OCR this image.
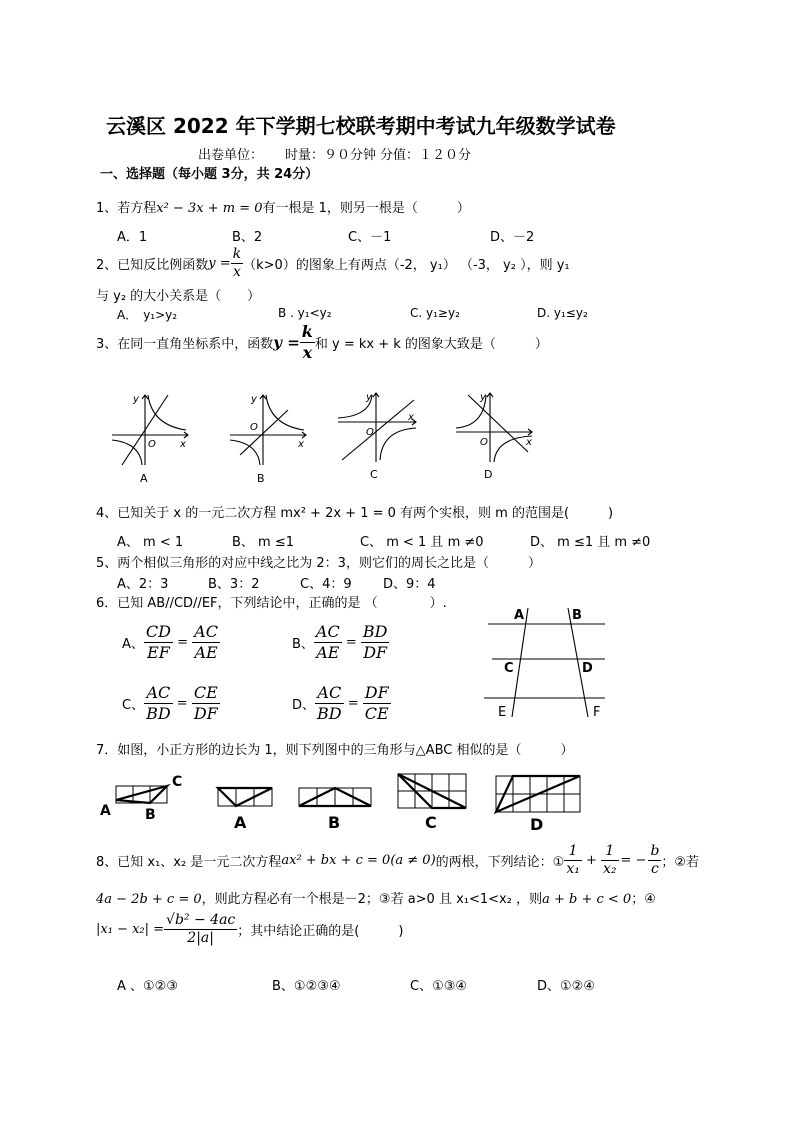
云溪区 2022 年下学期七校联考期中考试九年级数学试卷
出卷单位： 时量：９０分钟 分值：１２０分
一、选择题（每小题 3分，共 24分）
1、若方程x² − 3x + m = 0有一根是 1，则另一根是（　　　）
A．1	B、2	C、－1	D、－2
2、已知反比例函数$y = \frac{k}{x} (k>0)$的图象上有两点（-2， y₁） （-3， y₂ ），则 y₁
与 y₂ 的大小关系是（　　）
A．　y₁>y₂	B . y₁<y₂	C. y₁≥y₂	D. y₁≤y₂
3、在同一直角坐标系中，函数$y = \frac{k}{x}$ 和 y = kx + k 的图象大致是（　　　）
y
x
O
y
x
O
y
x
O
y
x
O
A	B	C	D
4、已知关于 x 的一元二次方程 mx² + 2x + 1 = 0 有两个实根，则 m 的范围是(　　　)
A、 m < 1	B、 m ≤1	C、 m < 1 且 m ≠0	D、 m ≤1 且 m ≠0
5、两个相似三角形的对应中线之比为 2：3，则它们的周长之比是（　　　）
A、2：3	B、3：2	C、4：9 D、9：4
6．已知 AB//CD//EF，下列结论中，正确的是 （　　　　）.
A、 $\frac{CD}{EF} = \frac{AC}{AE}$	B、 $\frac{AC}{AE} = \frac{BD}{DF}$
C、 $\frac{AC}{BD} = \frac{CE}{DF}$	D、 $\frac{AC}{BD} = \frac{DF}{CE}$
A	B
C	D
E	F
7．如图，小正方形的边长为 1，则下列图中的三角形与△ABC 相似的是（　　　）
A B
C
A	B	C	D
8、已知 x₁、x₂ 是一元二次方程ax² + bx + c = 0(a ≠ 0)的两根，下列结论：① $\frac{1}{\text{x₁}} + \frac{1}{\text{x₂}}$ = − $\frac{b}{c}$ ；②若
4a − 2b + c = 0，则此方程必有一个根是－2；③若 a>0 且 x₁<1<x₂ ，则a + b + c < 0；④
$|x_1 - x_2| = \frac{\text{√b² − 4ac}}{2|a|}$ ；其中结论正确的是(　　　)
A 、①②③	B、①②③④	C、①③④	D、①②④
